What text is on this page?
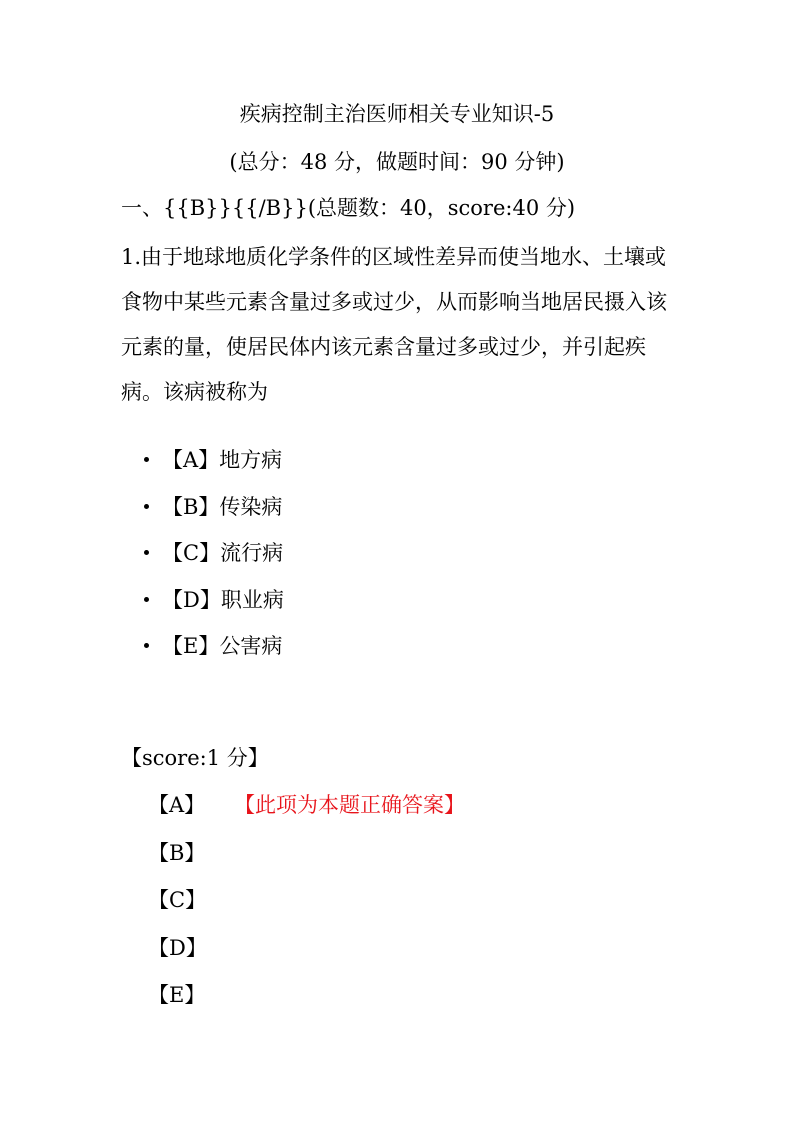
疾病控制主治医师相关专业知识-5
(总分：48 分，做题时间：90 分钟)
一、{{B}}{{/B}}(总题数：40，score:40 分)
1.由于地球地质化学条件的区域性差异而使当地水、土壤或食物中某些元素含量过多或过少，从而影响当地居民摄入该元素的量，使居民体内该元素含量过多或过少，并引起疾病。该病被称为
【A】地方病
【B】传染病
【C】流行病
【D】职业病
【E】公害病
【score:1 分】
【A】 【此项为本题正确答案】
【B】
【C】
【D】
【E】
